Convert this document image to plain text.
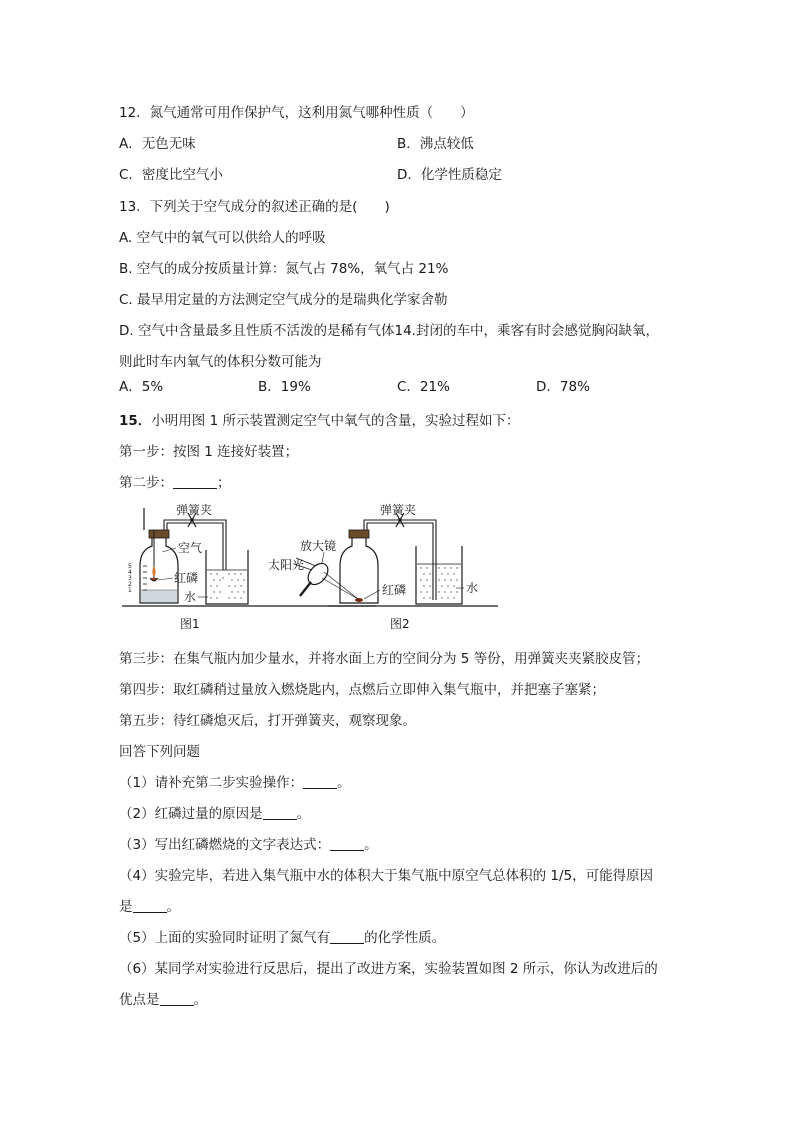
12．氮气通常可用作保护气，这利用氮气哪种性质（　　）
A．无色无味	B．沸点较低
C．密度比空气小	D．化学性质稳定
13．下列关于空气成分的叙述正确的是(　　)
A. 空气中的氧气可以供给人的呼吸
B. 空气的成分按质量计算：氮气占 78%，氧气占 21%
C. 最早用定量的方法测定空气成分的是瑞典化学家舍勒
D. 空气中含量最多且性质不活泼的是稀有气体14.封闭的车中，乘客有时会感觉胸闷缺氧，
则此时车内氧气的体积分数可能为
A．5%	B．19%	C．21%	D．78%
15．小明用图 1 所示装置测定空气中氧气的含量，实验过程如下：
第一步：按图 1 连接好装置；
第二步：	；
5
4
3
2
1
弹簧夹
空气
红磷
水
图1
弹簧夹
放大镜
太阳光
红磷	水
图2
第三步：在集气瓶内加少量水，并将水面上方的空间分为 5 等份，用弹簧夹夹紧胶皮管；
第四步：取红磷稍过量放入燃烧匙内，点燃后立即伸入集气瓶中，并把塞子塞紧；
第五步：待红磷熄灭后，打开弹簧夹，观察现象。
回答下列问题
（1）请补充第二步实验操作：	。
（2）红磷过量的原因是	。
（3）写出红磷燃烧的文字表达式：	。
（4）实验完毕，若进入集气瓶中水的体积大于集气瓶中原空气总体积的 1/5，可能得原因
是	。
（5）上面的实验同时证明了氮气有	的化学性质。
（6）某同学对实验进行反思后，提出了改进方案，实验装置如图 2 所示，你认为改进后的
优点是	。
